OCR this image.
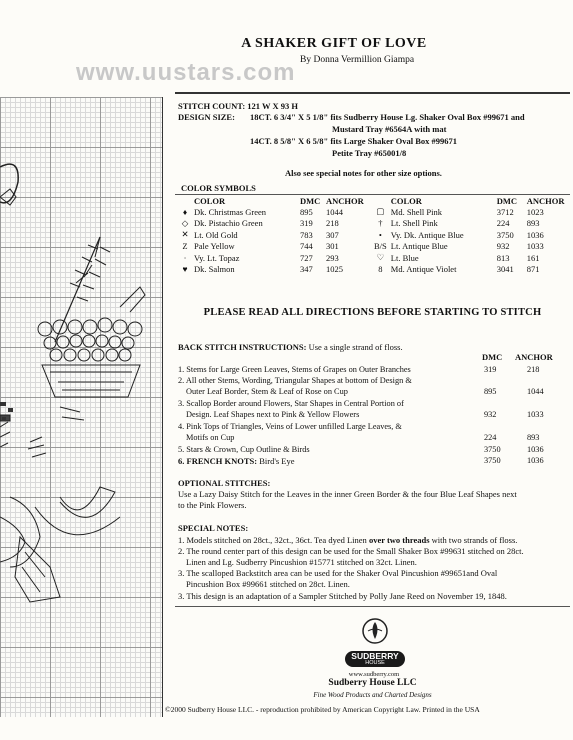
www.uustars.com
A SHAKER GIFT OF LOVE
By Donna Vermillion Giampa
STITCH COUNT: 121 W X 93 H
DESIGN SIZE: 18CT. 6 3/4" X 5 1/8" fits Sudberry House Lg. Shaker Oval Box #99671 and
Mustard Tray #6564A with mat
14CT. 8 5/8" X 6 5/8" fits Large Shaker Oval Box #99671
Petite Tray #65001/8
Also see special notes for other size options.
COLOR SYMBOLS
	COLOR	DMC	ANCHOR		COLOR	DMC	ANCHOR
♦	Dk. Christmas Green	895	1044	▢	Md. Shell Pink	3712	1023
◇	Dk. Pistachio Green	319	218	†	Lt. Shell Pink	224	893
✕	Lt. Old Gold	783	307	•	Vy. Dk. Antique Blue	3750	1036
Z	Pale Yellow	744	301	B/S	Lt. Antique Blue	932	1033
·	Vy. Lt. Topaz	727	293	♡	Lt. Blue	813	161
♥	Dk. Salmon	347	1025	8	Md. Antique Violet	3041	871
PLEASE READ ALL DIRECTIONS BEFORE STARTING TO STITCH
BACK STITCH INSTRUCTIONS: Use a single strand of floss.
DMC ANCHOR
1. Stems for Large Green Leaves, Stems of Grapes on Outer Branches	319	218
2. All other Stems, Wording, Triangular Shapes at bottom of Design &
Outer Leaf Border, Stem & Leaf of Rose on Cup	895	1044
3. Scallop Border around Flowers, Star Shapes in Central Portion of
Design. Leaf Shapes next to Pink & Yellow Flowers	932	1033
4. Pink Tops of Triangles, Veins of Lower unfilled Large Leaves, &
Motifs on Cup	224	893
5. Stars & Crown, Cup Outline & Birds	3750	1036
6. FRENCH KNOTS: Bird's Eye	3750	1036
OPTIONAL STITCHES:
Use a Lazy Daisy Stitch for the Leaves in the inner Green Border & the four Blue Leaf Shapes next
to the Pink Flowers.
SPECIAL NOTES:
1. Models stitched on 28ct., 32ct., 36ct. Tea dyed Linen over two threads with two strands of floss.
2. The round center part of this design can be used for the Small Shaker Box #99631 stitched on 28ct.
Linen and Lg. Sudberry Pincushion #15771 stitched on 32ct. Linen.
3. The scalloped Backstitch area can be used for the Shaker Oval Pincushion #99651and Oval
Pincushion Box #99661 stitched on 28ct. Linen.
3. This design is an adaptation of a Sampler Stitched by Polly Jane Reed on November 19, 1848.
SUDBERRY
HOUSE
www.sudberry.com
Sudberry House LLC
Fine Wood Products and Charted Designs
©2000 Sudberry House LLC. - reproduction prohibited by American Copyright Law. Printed in the USA
